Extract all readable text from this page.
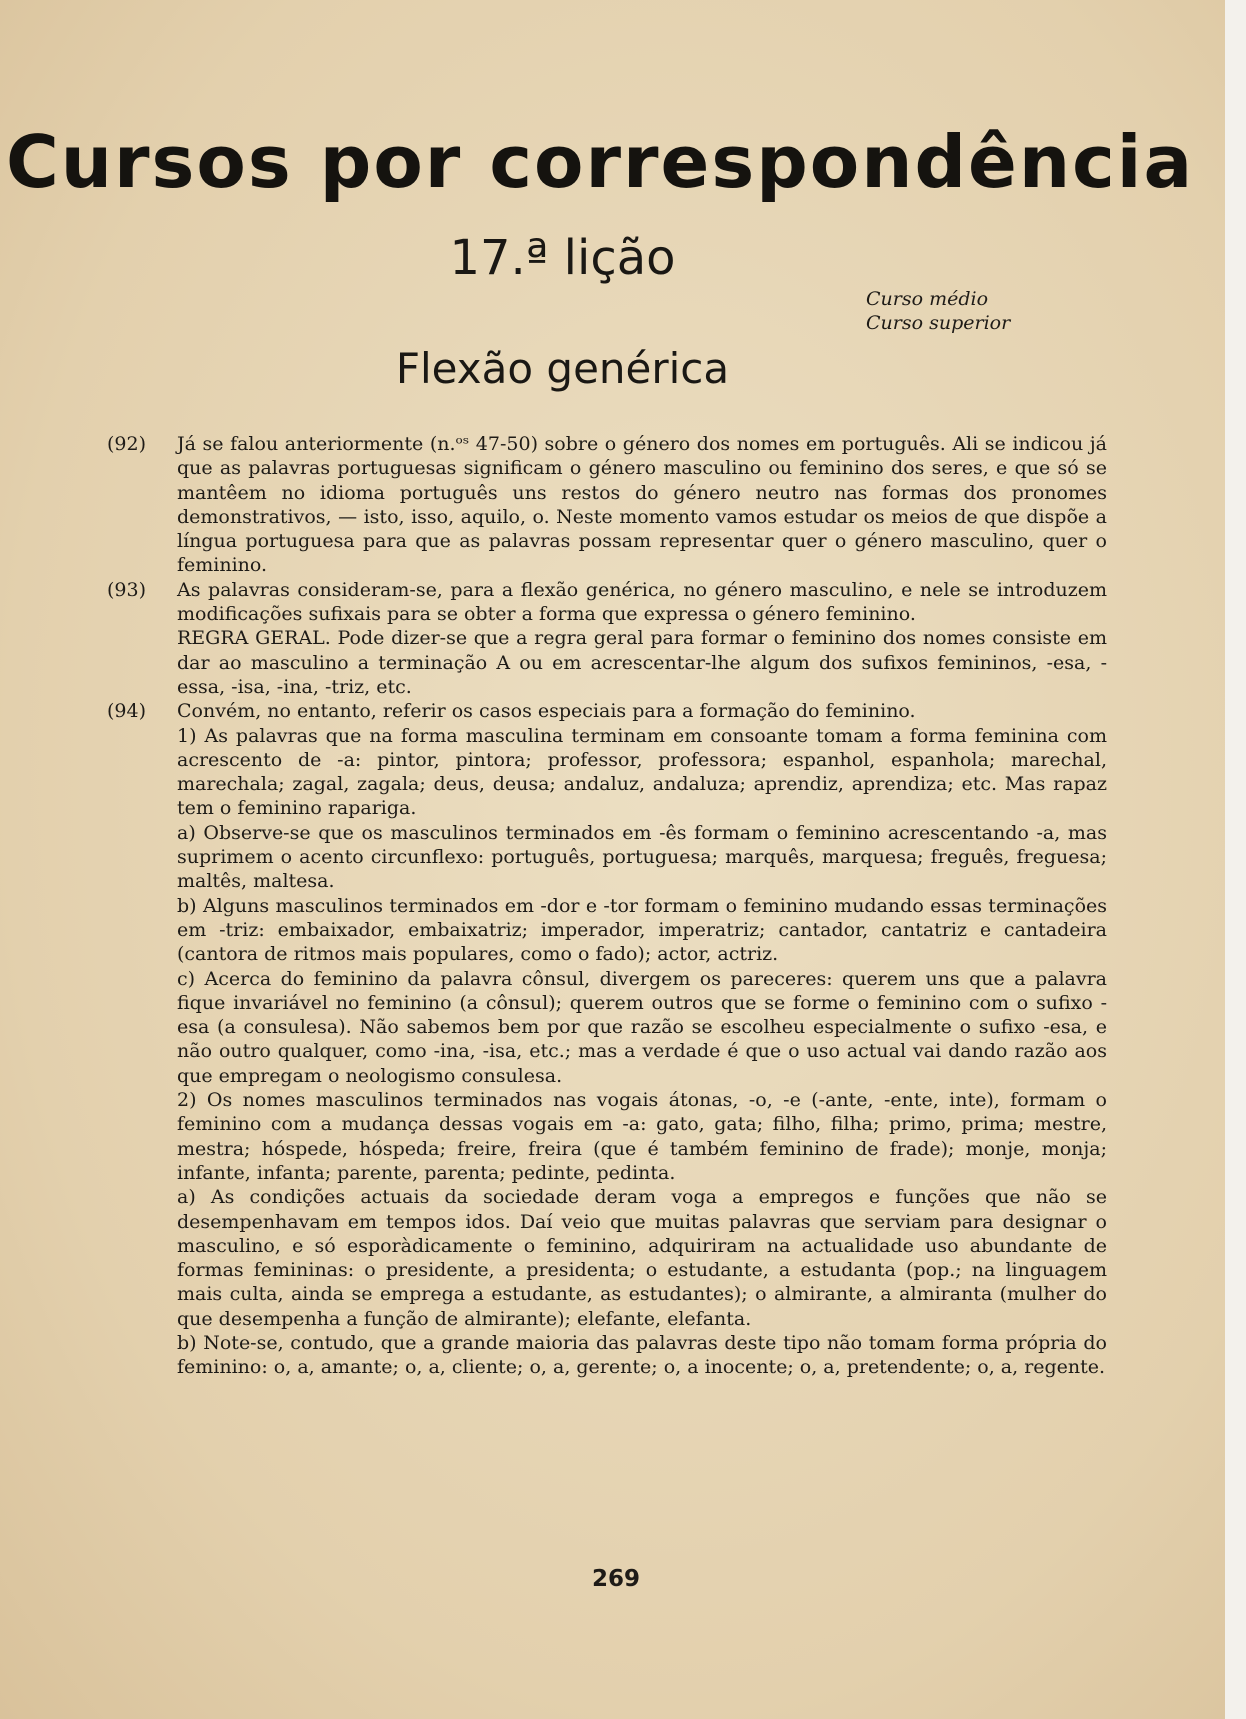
Cursos por correspondência
17.ª lição
Curso médio
Curso superior
Flexão genérica
(92) Já se falou anteriormente (n.ᵒˢ 47-50) sobre o género dos nomes em português. Ali se indicou já que as palavras portuguesas significam o género masculino ou feminino dos seres, e que só se mantêem no idioma português uns restos do género neutro nas formas dos pronomes demonstrativos, — isto, isso, aquilo, o. Neste momento vamos estudar os meios de que dispõe a língua portuguesa para que as palavras possam representar quer o género masculino, quer o feminino.
(93) As palavras consideram-se, para a flexão genérica, no género masculino, e nele se introduzem modificações sufixais para se obter a forma que expressa o género feminino.
REGRA GERAL. Pode dizer-se que a regra geral para formar o feminino dos nomes consiste em dar ao masculino a terminação A ou em acrescentar-lhe algum dos sufixos femininos, -esa, -essa, -isa, -ina, -triz, etc.
(94) Convém, no entanto, referir os casos especiais para a formação do feminino.
1) As palavras que na forma masculina terminam em consoante tomam a forma feminina com acrescento de -a: pintor, pintora; professor, professora; espanhol, espanhola; marechal, marechala; zagal, zagala; deus, deusa; andaluz, andaluza; aprendiz, aprendiza; etc. Mas rapaz tem o feminino rapariga.
a) Observe-se que os masculinos terminados em -ês formam o feminino acrescentando -a, mas suprimem o acento circunflexo: português, portuguesa; marquês, marquesa; freguês, freguesa; maltês, maltesa.
b) Alguns masculinos terminados em -dor e -tor formam o feminino mudando essas terminações em -triz: embaixador, embaixatriz; imperador, imperatriz; cantador, cantatriz e cantadeira (cantora de ritmos mais populares, como o fado); actor, actriz.
c) Acerca do feminino da palavra cônsul, divergem os pareceres: querem uns que a palavra fique invariável no feminino (a cônsul); querem outros que se forme o feminino com o sufixo -esa (a consulesa). Não sabemos bem por que razão se escolheu especialmente o sufixo -esa, e não outro qualquer, como -ina, -isa, etc.; mas a verdade é que o uso actual vai dando razão aos que empregam o neologismo consulesa.
2) Os nomes masculinos terminados nas vogais átonas, -o, -e (-ante, -ente, inte), formam o feminino com a mudança dessas vogais em -a: gato, gata; filho, filha; primo, prima; mestre, mestra; hóspede, hóspeda; freire, freira (que é também feminino de frade); monje, monja; infante, infanta; parente, parenta; pedinte, pedinta.
a) As condições actuais da sociedade deram voga a empregos e funções que não se desempenhavam em tempos idos. Daí veio que muitas palavras que serviam para designar o masculino, e só esporàdicamente o feminino, adquiriram na actualidade uso abundante de formas femininas: o presidente, a presidenta; o estudante, a estudanta (pop.; na linguagem mais culta, ainda se emprega a estudante, as estudantes); o almirante, a almiranta (mulher do que desempenha a função de almirante); elefante, elefanta.
b) Note-se, contudo, que a grande maioria das palavras deste tipo não tomam forma própria do feminino: o, a, amante; o, a, cliente; o, a, gerente; o, a inocente; o, a, pretendente; o, a, regente.
269
